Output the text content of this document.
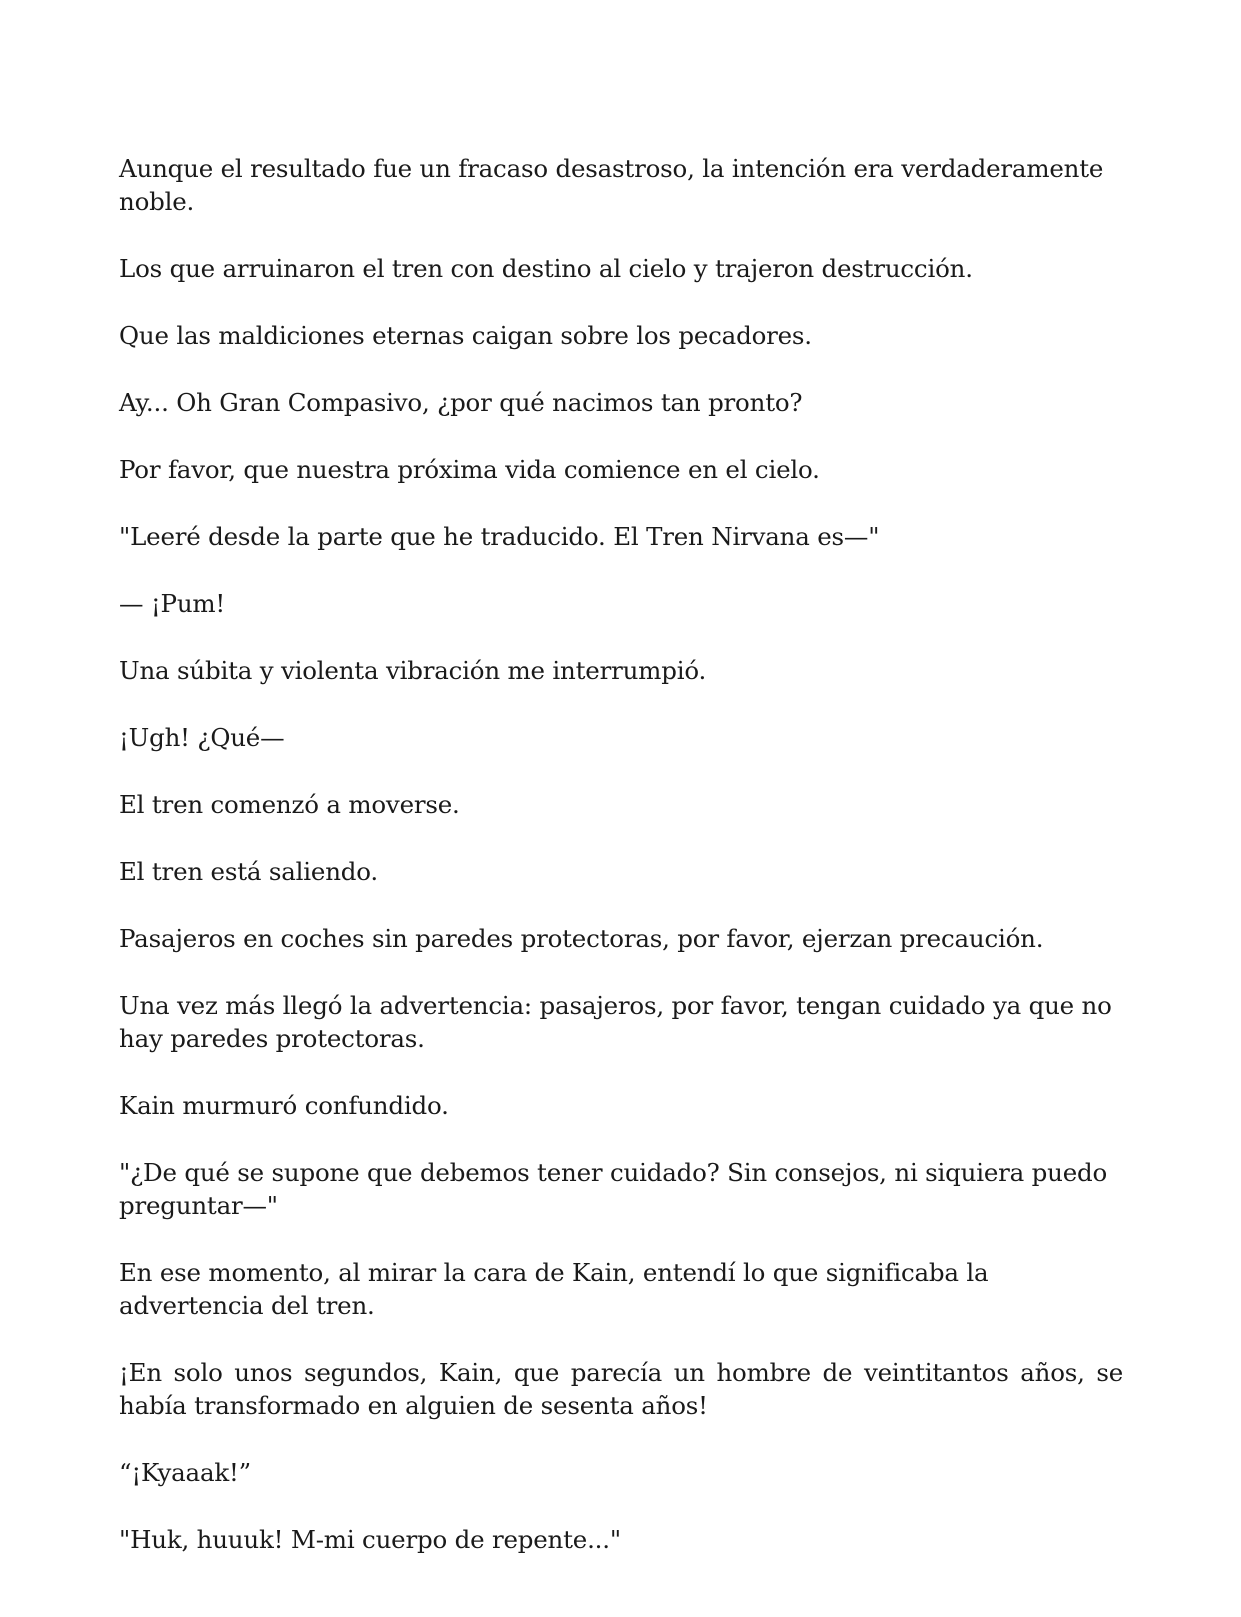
Aunque el resultado fue un fracaso desastroso, la intención era verdaderamente noble.

Los que arruinaron el tren con destino al cielo y trajeron destrucción.

Que las maldiciones eternas caigan sobre los pecadores.

Ay... Oh Gran Compasivo, ¿por qué nacimos tan pronto?

Por favor, que nuestra próxima vida comience en el cielo.

"Leeré desde la parte que he traducido. El Tren Nirvana es—"

— ¡Pum!

Una súbita y violenta vibración me interrumpió.

¡Ugh! ¿Qué—

El tren comenzó a moverse.

El tren está saliendo.

Pasajeros en coches sin paredes protectoras, por favor, ejerzan precaución.

Una vez más llegó la advertencia: pasajeros, por favor, tengan cuidado ya que no hay paredes protectoras.

Kain murmuró confundido.

"¿De qué se supone que debemos tener cuidado? Sin consejos, ni siquiera puedo preguntar—"

En ese momento, al mirar la cara de Kain, entendí lo que significaba la advertencia del tren.

¡En solo unos segundos, Kain, que parecía un hombre de veintitantos años, se había transformado en alguien de sesenta años!

“¡Kyaaak!”

"Huk, huuuk! M-mi cuerpo de repente..."
